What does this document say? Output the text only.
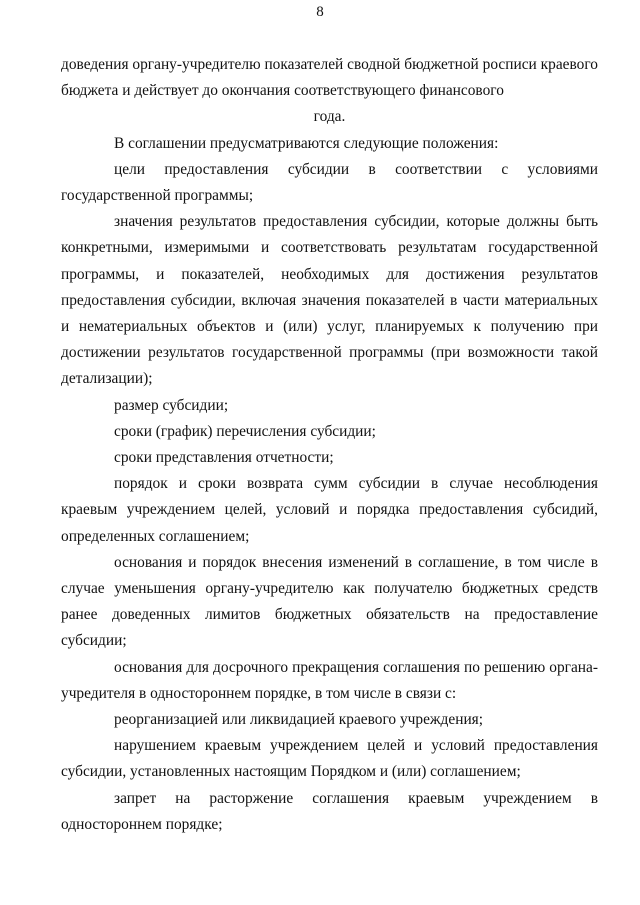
8

доведения органу-учредителю показателей сводной бюджетной росписи краевого бюджета и действует до окончания соответствующего финансового

года.

В соглашении предусматриваются следующие положения:

цели предоставления субсидии в соответствии с условиями государственной программы;

значения результатов предоставления субсидии, которые должны быть конкретными, измеримыми и соответствовать результатам государственной программы, и показателей, необходимых для достижения результатов предоставления субсидии, включая значения показателей в части материальных и нематериальных объектов и (или) услуг, планируемых к получению при достижении результатов государственной программы (при возможности такой детализации);

размер субсидии;

сроки (график) перечисления субсидии;

сроки представления отчетности;

порядок и сроки возврата сумм субсидии в случае несоблюдения краевым учреждением целей, условий и порядка предоставления субсидий, определенных соглашением;

основания и порядок внесения изменений в соглашение, в том числе в случае уменьшения органу-учредителю как получателю бюджетных средств ранее доведенных лимитов бюджетных обязательств на предоставление субсидии;

основания для досрочного прекращения соглашения по решению органа-учредителя в одностороннем порядке, в том числе в связи с:

реорганизацией или ликвидацией краевого учреждения;

нарушением краевым учреждением целей и условий предоставления субсидии, установленных настоящим Порядком и (или) соглашением;

запрет на расторжение соглашения краевым учреждением в одностороннем порядке;
